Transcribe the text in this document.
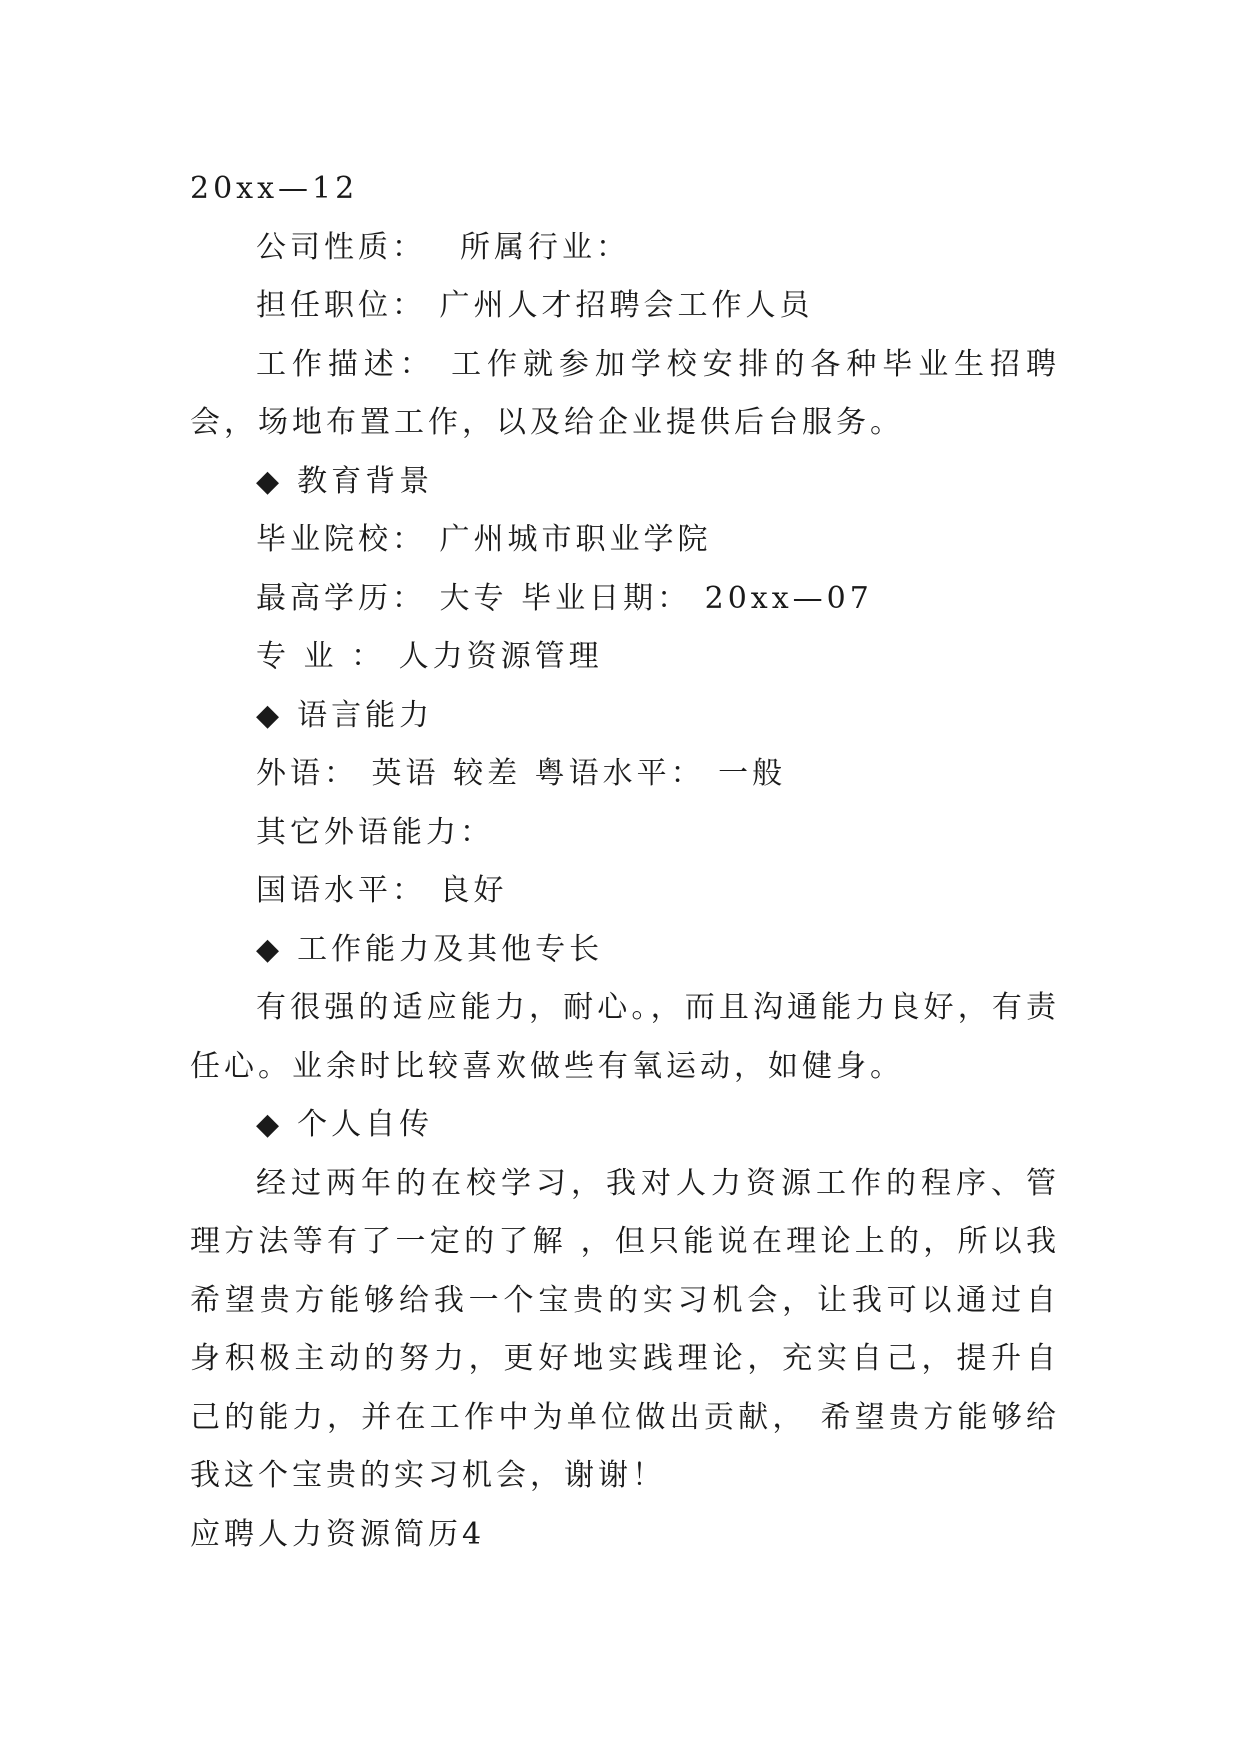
20xx—12
公司性质： 所属行业：
担任职位： 广州人才招聘会工作人员
工作描述： 工作就参加学校安排的各种毕业生招聘会，场地布置工作，以及给企业提供后台服务。
◆ 教育背景
毕业院校： 广州城市职业学院
最高学历： 大专 毕业日期： 20xx—07
专 业 ： 人力资源管理
◆ 语言能力
外语： 英语 较差 粤语水平： 一般
其它外语能力：
国语水平： 良好
◆ 工作能力及其他专长
有很强的适应能力，耐心。，而且沟通能力良好，有责任心。业余时比较喜欢做些有氧运动，如健身。
◆ 个人自传
经过两年的在校学习，我对人力资源工作的程序、管理方法等有了一定的了解 ，但只能说在理论上的，所以我希望贵方能够给我一个宝贵的实习机会，让我可以通过自身积极主动的努力，更好地实践理论，充实自己，提升自己的能力，并在工作中为单位做出贡献， 希望贵方能够给我这个宝贵的实习机会，谢谢！
应聘人力资源简历4
